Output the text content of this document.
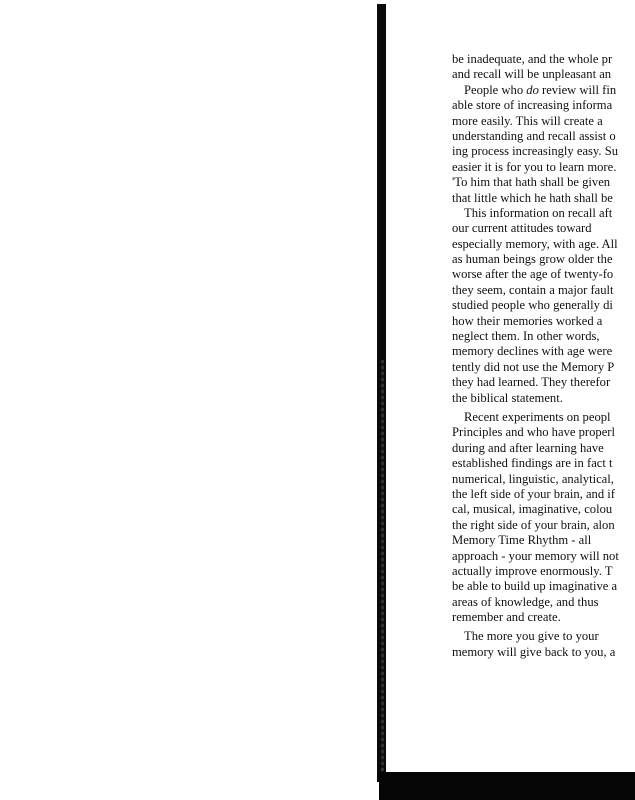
be inadequate, and the whole pr
and recall will be unpleasant an
People who do review will fin
able store of increasing informa
more easily. This will create a
understanding and recall assist o
ing process increasingly easy. Su
easier it is for you to learn more.
'To him that hath shall be given
that little which he hath shall be
This information on recall aft
our current attitudes toward
especially memory, with age. All
as human beings grow older the
worse after the age of twenty-fo
they seem, contain a major fault
studied people who generally di
how their memories worked a
neglect them. In other words,
memory declines with age were
tently did not use the Memory P
they had learned. They therefor
the biblical statement.
Recent experiments on peopl
Principles and who have properl
during and after learning have
established findings are in fact t
numerical, linguistic, analytical,
the left side of your brain, and if
cal, musical, imaginative, colou
the right side of your brain, alon
Memory Time Rhythm - all
approach - your memory will not
actually improve enormously. T
be able to build up imaginative a
areas of knowledge, and thus
remember and create.
The more you give to your
memory will give back to you, a
